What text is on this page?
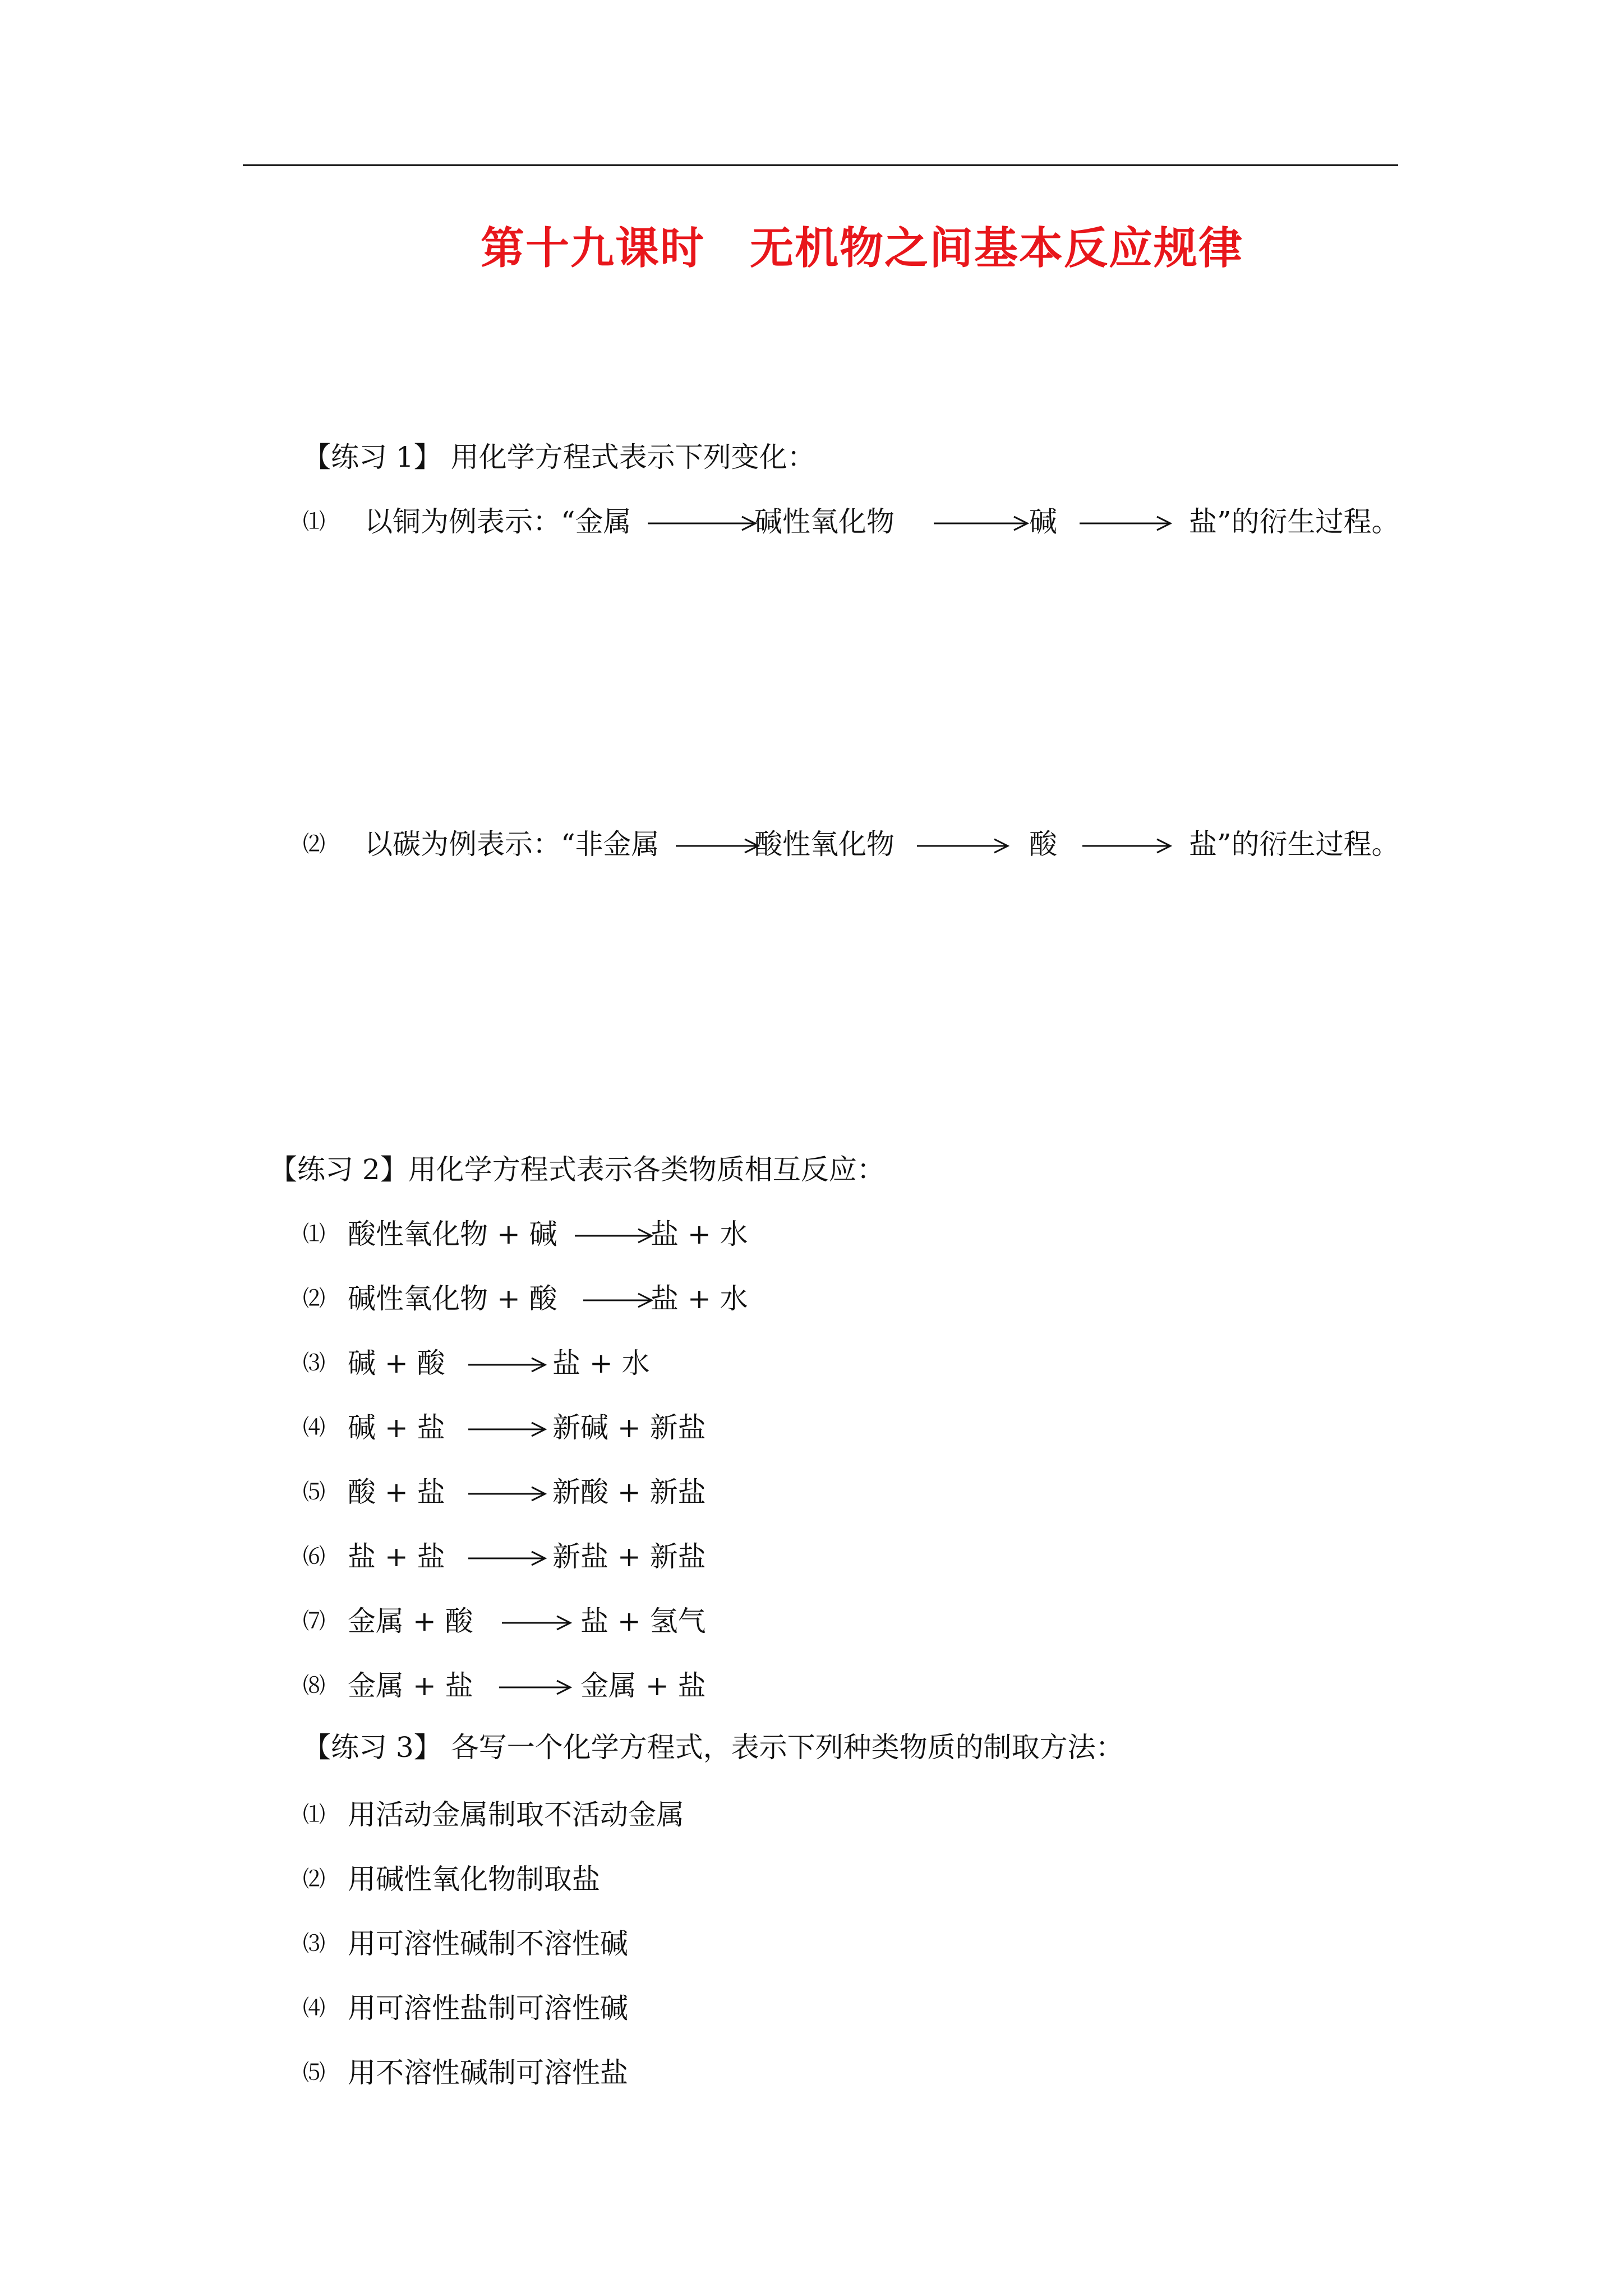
第十九课时　无机物之间基本反应规律
【练习 1】 用化学方程式表示下列变化：
⑴ 以铜为例表示：“金属	碱性氧化物	碱	盐”的衍生过程。
⑵ 以碳为例表示：“非金属	酸性氧化物	酸	盐”的衍生过程。
【练习 2】用化学方程式表示各类物质相互反应：
⑴ 酸性氧化物 + 碱	盐 + 水
⑵ 碱性氧化物 + 酸	盐 + 水
⑶ 碱 + 酸	盐 + 水
⑷ 碱 + 盐	新碱 + 新盐
⑸ 酸 + 盐	新酸 + 新盐
⑹ 盐 + 盐	新盐 + 新盐
⑺ 金属 + 酸	盐 + 氢气
⑻ 金属 + 盐	金属 + 盐
【练习 3】 各写一个化学方程式，表示下列种类物质的制取方法：
⑴ 用活动金属制取不活动金属
⑵ 用碱性氧化物制取盐
⑶ 用可溶性碱制不溶性碱
⑷ 用可溶性盐制可溶性碱
⑸ 用不溶性碱制可溶性盐
